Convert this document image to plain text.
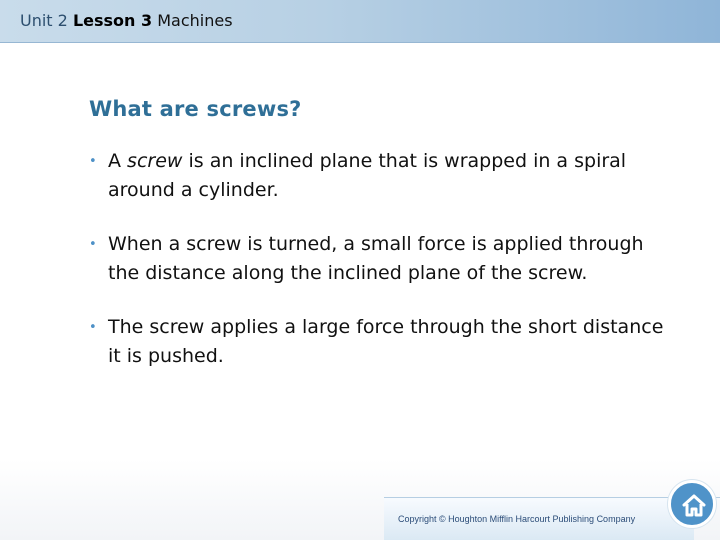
Unit 2 Lesson 3 Machines
What are screws?
• A screw is an inclined plane that is wrapped in a spiral around a cylinder.
• When a screw is turned, a small force is applied through the distance along the inclined plane of the screw.
• The screw applies a large force through the short distance it is pushed.
Copyright © Houghton Mifflin Harcourt Publishing Company
